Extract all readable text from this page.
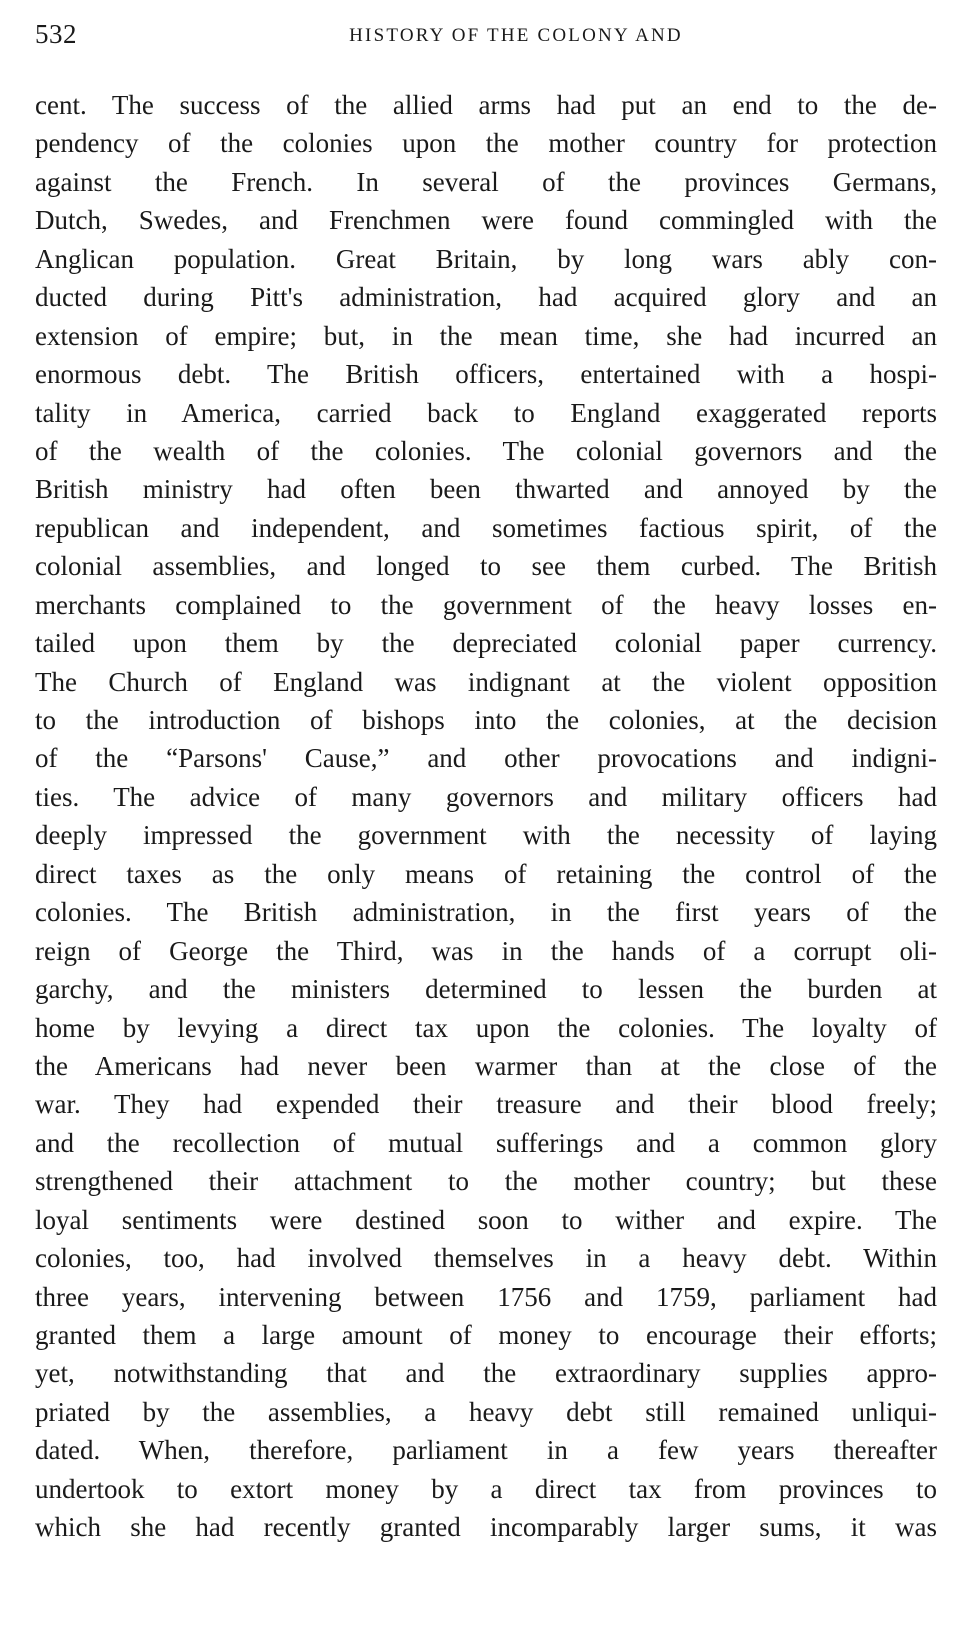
532	HISTORY OF THE COLONY AND
cent. The success of the allied arms had put an end to the de-
pendency of the colonies upon the mother country for protection
against the French. In several of the provinces Germans,
Dutch, Swedes, and Frenchmen were found commingled with the
Anglican population. Great Britain, by long wars ably con-
ducted during Pitt's administration, had acquired glory and an
extension of empire; but, in the mean time, she had incurred an
enormous debt. The British officers, entertained with a hospi-
tality in America, carried back to England exaggerated reports
of the wealth of the colonies. The colonial governors and the
British ministry had often been thwarted and annoyed by the
republican and independent, and sometimes factious spirit, of the
colonial assemblies, and longed to see them curbed. The British
merchants complained to the government of the heavy losses en-
tailed upon them by the depreciated colonial paper currency.
The Church of England was indignant at the violent opposition
to the introduction of bishops into the colonies, at the decision
of the “Parsons' Cause,” and other provocations and indigni-
ties. The advice of many governors and military officers had
deeply impressed the government with the necessity of laying
direct taxes as the only means of retaining the control of the
colonies. The British administration, in the first years of the
reign of George the Third, was in the hands of a corrupt oli-
garchy, and the ministers determined to lessen the burden at
home by levying a direct tax upon the colonies. The loyalty of
the Americans had never been warmer than at the close of the
war. They had expended their treasure and their blood freely;
and the recollection of mutual sufferings and a common glory
strengthened their attachment to the mother country; but these
loyal sentiments were destined soon to wither and expire. The
colonies, too, had involved themselves in a heavy debt. Within
three years, intervening between 1756 and 1759, parliament had
granted them a large amount of money to encourage their efforts;
yet, notwithstanding that and the extraordinary supplies appro-
priated by the assemblies, a heavy debt still remained unliqui-
dated. When, therefore, parliament in a few years thereafter
undertook to extort money by a direct tax from provinces to
which she had recently granted incomparably larger sums, it was
